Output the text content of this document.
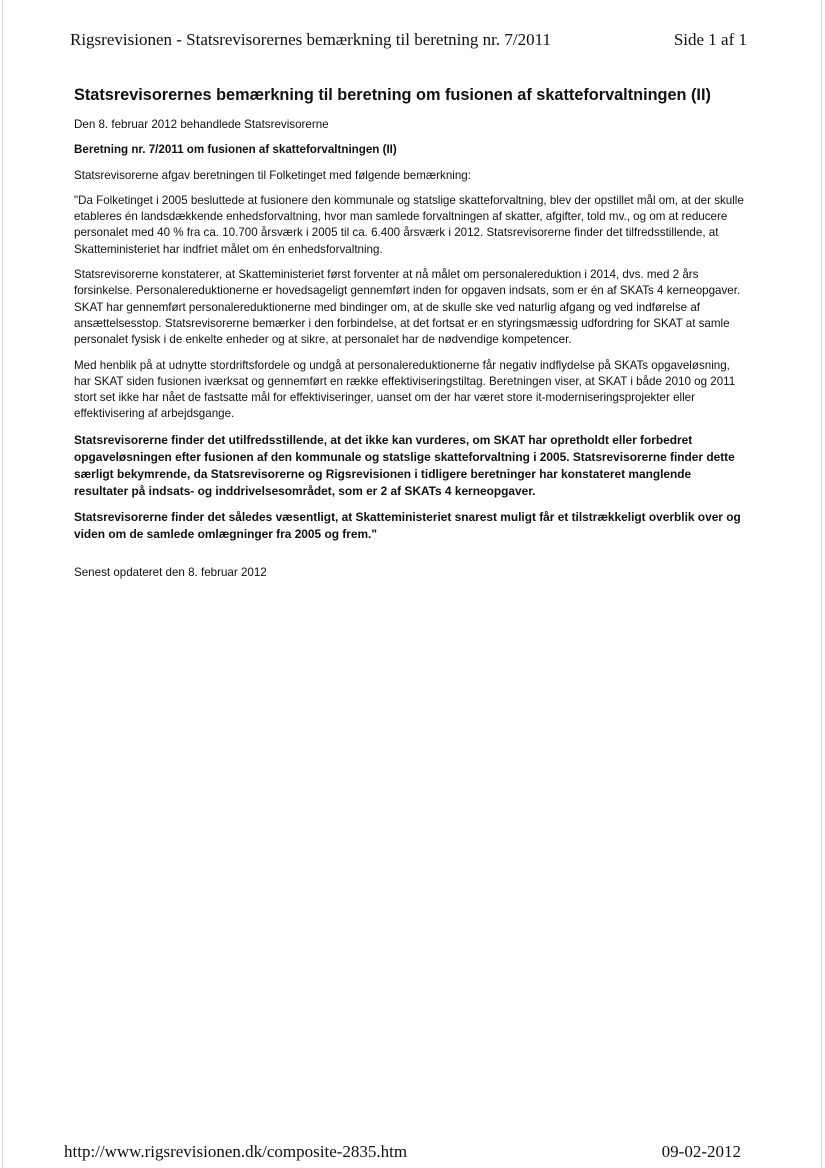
Rigsrevisionen - Statsrevisorernes bemærkning til beretning nr. 7/2011	Side 1 af 1
Statsrevisorernes bemærkning til beretning om fusionen af skatteforvaltningen (II)

Den 8. februar 2012 behandlede Statsrevisorerne

Beretning nr. 7/2011 om fusionen af skatteforvaltningen (II)

Statsrevisorerne afgav beretningen til Folketinget med følgende bemærkning:

"Da Folketinget i 2005 besluttede at fusionere den kommunale og statslige skatteforvaltning, blev der opstillet mål om, at der skulle etableres én landsdækkende enhedsforvaltning, hvor man samlede forvaltningen af skatter, afgifter, told mv., og om at reducere personalet med 40 % fra ca. 10.700 årsværk i 2005 til ca. 6.400 årsværk i 2012. Statsrevisorerne finder det tilfredsstillende, at Skatteministeriet har indfriet målet om én enhedsforvaltning.

Statsrevisorerne konstaterer, at Skatteministeriet først forventer at nå målet om personalereduktion i 2014, dvs. med 2 års forsinkelse. Personalereduktionerne er hovedsageligt gennemført inden for opgaven indsats, som er én af SKATs 4 kerneopgaver. SKAT har gennemført personalereduktionerne med bindinger om, at de skulle ske ved naturlig afgang og ved indførelse af ansættelsesstop. Statsrevisorerne bemærker i den forbindelse, at det fortsat er en styringsmæssig udfordring for SKAT at samle personalet fysisk i de enkelte enheder og at sikre, at personalet har de nødvendige kompetencer.

Med henblik på at udnytte stordriftsfordele og undgå at personalereduktionerne får negativ indflydelse på SKATs opgaveløsning, har SKAT siden fusionen iværksat og gennemført en række effektiviseringstiltag. Beretningen viser, at SKAT i både 2010 og 2011 stort set ikke har nået de fastsatte mål for effektiviseringer, uanset om der har været store it-moderniseringsprojekter eller effektivisering af arbejdsgange.

Statsrevisorerne finder det utilfredsstillende, at det ikke kan vurderes, om SKAT har opretholdt eller forbedret opgaveløsningen efter fusionen af den kommunale og statslige skatteforvaltning i 2005. Statsrevisorerne finder dette særligt bekymrende, da Statsrevisorerne og Rigsrevisionen i tidligere beretninger har konstateret manglende resultater på indsats- og inddrivelsesområdet, som er 2 af SKATs 4 kerneopgaver.

Statsrevisorerne finder det således væsentligt, at Skatteministeriet snarest muligt får et tilstrækkeligt overblik over og viden om de samlede omlægninger fra 2005 og frem."

Senest opdateret den 8. februar 2012

http://www.rigsrevisionen.dk/composite-2835.htm	09-02-2012
